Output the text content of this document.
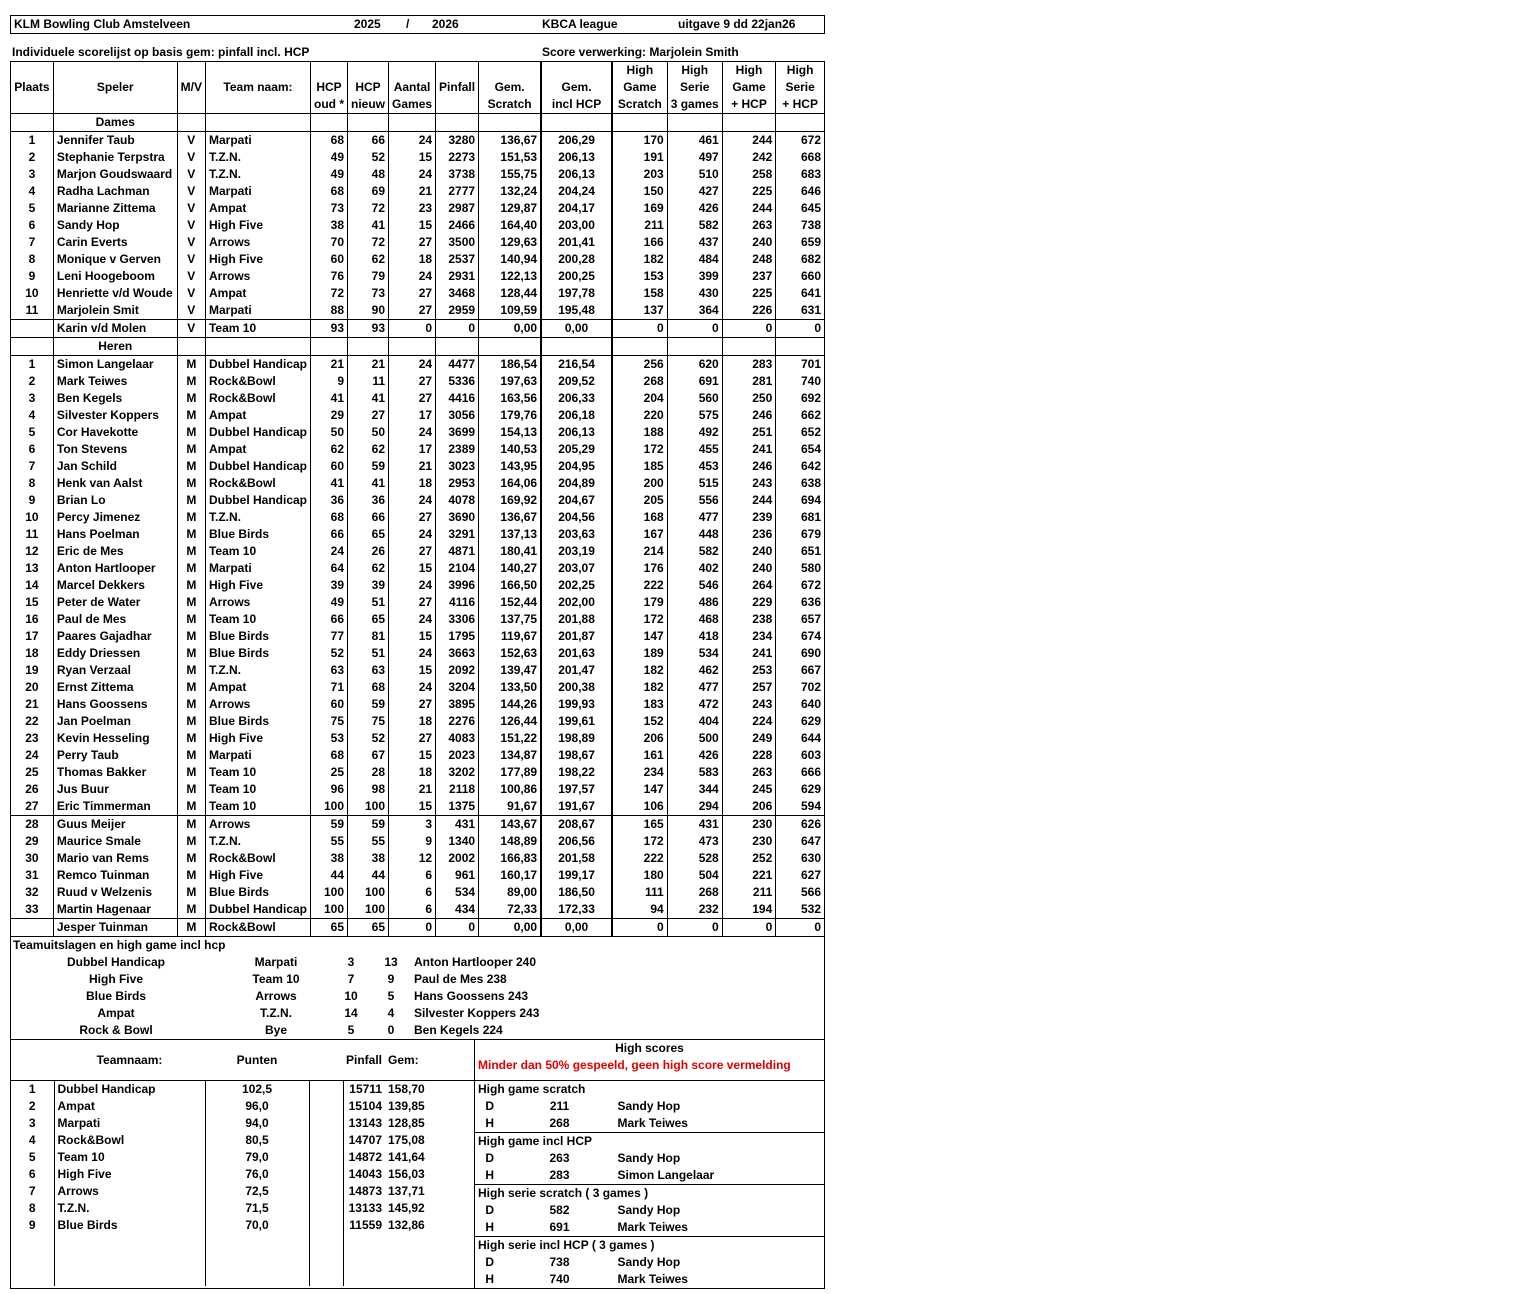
KLM Bowling Club Amstelveen	2025	/	2026	KBCA league	uitgave 9 dd 22jan26
Individuele scorelijst op basis gem: pinfall incl. HCP	Score verwerking: Marjolein Smith
										High	High	High	High
Plaats	Speler	M/V	Team naam:	HCP	HCP	Aantal	Pinfall	Gem.	Gem.	Game	Serie	Game	Serie
				oud *	nieuw	Games		Scratch	incl HCP	Scratch	3 games	+ HCP	+ HCP
	Dames												
1	Jennifer Taub	V	Marpati	68	66	24	3280	136,67	206,29	170	461	244	672
2	Stephanie Terpstra	V	T.Z.N.	49	52	15	2273	151,53	206,13	191	497	242	668
3	Marjon Goudswaard	V	T.Z.N.	49	48	24	3738	155,75	206,13	203	510	258	683
4	Radha Lachman	V	Marpati	68	69	21	2777	132,24	204,24	150	427	225	646
5	Marianne Zittema	V	Ampat	73	72	23	2987	129,87	204,17	169	426	244	645
6	Sandy Hop	V	High Five	38	41	15	2466	164,40	203,00	211	582	263	738
7	Carin Everts	V	Arrows	70	72	27	3500	129,63	201,41	166	437	240	659
8	Monique v Gerven	V	High Five	60	62	18	2537	140,94	200,28	182	484	248	682
9	Leni Hoogeboom	V	Arrows	76	79	24	2931	122,13	200,25	153	399	237	660
10	Henriette v/d Woude	V	Ampat	72	73	27	3468	128,44	197,78	158	430	225	641
11	Marjolein Smit	V	Marpati	88	90	27	2959	109,59	195,48	137	364	226	631
	Karin v/d Molen	V	Team 10	93	93	0	0	0,00	0,00	0	0	0	0
	Heren												
1	Simon Langelaar	M	Dubbel Handicap	21	21	24	4477	186,54	216,54	256	620	283	701
2	Mark Teiwes	M	Rock&Bowl	9	11	27	5336	197,63	209,52	268	691	281	740
3	Ben Kegels	M	Rock&Bowl	41	41	27	4416	163,56	206,33	204	560	250	692
4	Silvester Koppers	M	Ampat	29	27	17	3056	179,76	206,18	220	575	246	662
5	Cor Havekotte	M	Dubbel Handicap	50	50	24	3699	154,13	206,13	188	492	251	652
6	Ton Stevens	M	Ampat	62	62	17	2389	140,53	205,29	172	455	241	654
7	Jan Schild	M	Dubbel Handicap	60	59	21	3023	143,95	204,95	185	453	246	642
8	Henk van Aalst	M	Rock&Bowl	41	41	18	2953	164,06	204,89	200	515	243	638
9	Brian Lo	M	Dubbel Handicap	36	36	24	4078	169,92	204,67	205	556	244	694
10	Percy Jimenez	M	T.Z.N.	68	66	27	3690	136,67	204,56	168	477	239	681
11	Hans Poelman	M	Blue Birds	66	65	24	3291	137,13	203,63	167	448	236	679
12	Eric de Mes	M	Team 10	24	26	27	4871	180,41	203,19	214	582	240	651
13	Anton Hartlooper	M	Marpati	64	62	15	2104	140,27	203,07	176	402	240	580
14	Marcel Dekkers	M	High Five	39	39	24	3996	166,50	202,25	222	546	264	672
15	Peter de Water	M	Arrows	49	51	27	4116	152,44	202,00	179	486	229	636
16	Paul de Mes	M	Team 10	66	65	24	3306	137,75	201,88	172	468	238	657
17	Paares Gajadhar	M	Blue Birds	77	81	15	1795	119,67	201,87	147	418	234	674
18	Eddy Driessen	M	Blue Birds	52	51	24	3663	152,63	201,63	189	534	241	690
19	Ryan Verzaal	M	T.Z.N.	63	63	15	2092	139,47	201,47	182	462	253	667
20	Ernst Zittema	M	Ampat	71	68	24	3204	133,50	200,38	182	477	257	702
21	Hans Goossens	M	Arrows	60	59	27	3895	144,26	199,93	183	472	243	640
22	Jan Poelman	M	Blue Birds	75	75	18	2276	126,44	199,61	152	404	224	629
23	Kevin Hesseling	M	High Five	53	52	27	4083	151,22	198,89	206	500	249	644
24	Perry Taub	M	Marpati	68	67	15	2023	134,87	198,67	161	426	228	603
25	Thomas Bakker	M	Team 10	25	28	18	3202	177,89	198,22	234	583	263	666
26	Jus Buur	M	Team 10	96	98	21	2118	100,86	197,57	147	344	245	629
27	Eric Timmerman	M	Team 10	100	100	15	1375	91,67	191,67	106	294	206	594
28	Guus Meijer	M	Arrows	59	59	3	431	143,67	208,67	165	431	230	626
29	Maurice Smale	M	T.Z.N.	55	55	9	1340	148,89	206,56	172	473	230	647
30	Mario van Rems	M	Rock&Bowl	38	38	12	2002	166,83	201,58	222	528	252	630
31	Remco Tuinman	M	High Five	44	44	6	961	160,17	199,17	180	504	221	627
32	Ruud v Welzenis	M	Blue Birds	100	100	6	534	89,00	186,50	111	268	211	566
33	Martin Hagenaar	M	Dubbel Handicap	100	100	6	434	72,33	172,33	94	232	194	532
	Jesper Tuinman	M	Rock&Bowl	65	65	0	0	0,00	0,00	0	0	0	0
Teamuitslagen en high game incl hcp				
Dubbel Handicap	Marpati	3	13	Anton Hartlooper 240
High Five	Team 10	7	9	Paul de Mes 238
Blue Birds	Arrows	10	5	Hans Goossens 243
Ampat	T.Z.N.	14	4	Silvester Koppers 243
Rock & Bowl	Bye	5	0	Ben Kegels 224
	Teamnaam:	Punten		Pinfall	Gem:
1	Dubbel Handicap	102,5		15711	158,70
2	Ampat	96,0		15104	139,85
3	Marpati	94,0		13143	128,85
4	Rock&Bowl	80,5		14707	175,08
5	Team 10	79,0		14872	141,64
6	High Five	76,0		14043	156,03
7	Arrows	72,5		14873	137,71
8	T.Z.N.	71,5		13133	145,92
9	Blue Birds	70,0		11559	132,86

High scores		
Minder dan 50% gespeeld, geen high score vermelding		
High game scratch		
D	211	Sandy Hop
H	268	Mark Teiwes
High game incl HCP		
D	263	Sandy Hop
H	283	Simon Langelaar
High serie scratch ( 3 games )		
D	582	Sandy Hop
H	691	Mark Teiwes
High serie incl HCP ( 3 games )		
D	738	Sandy Hop
H	740	Mark Teiwes
